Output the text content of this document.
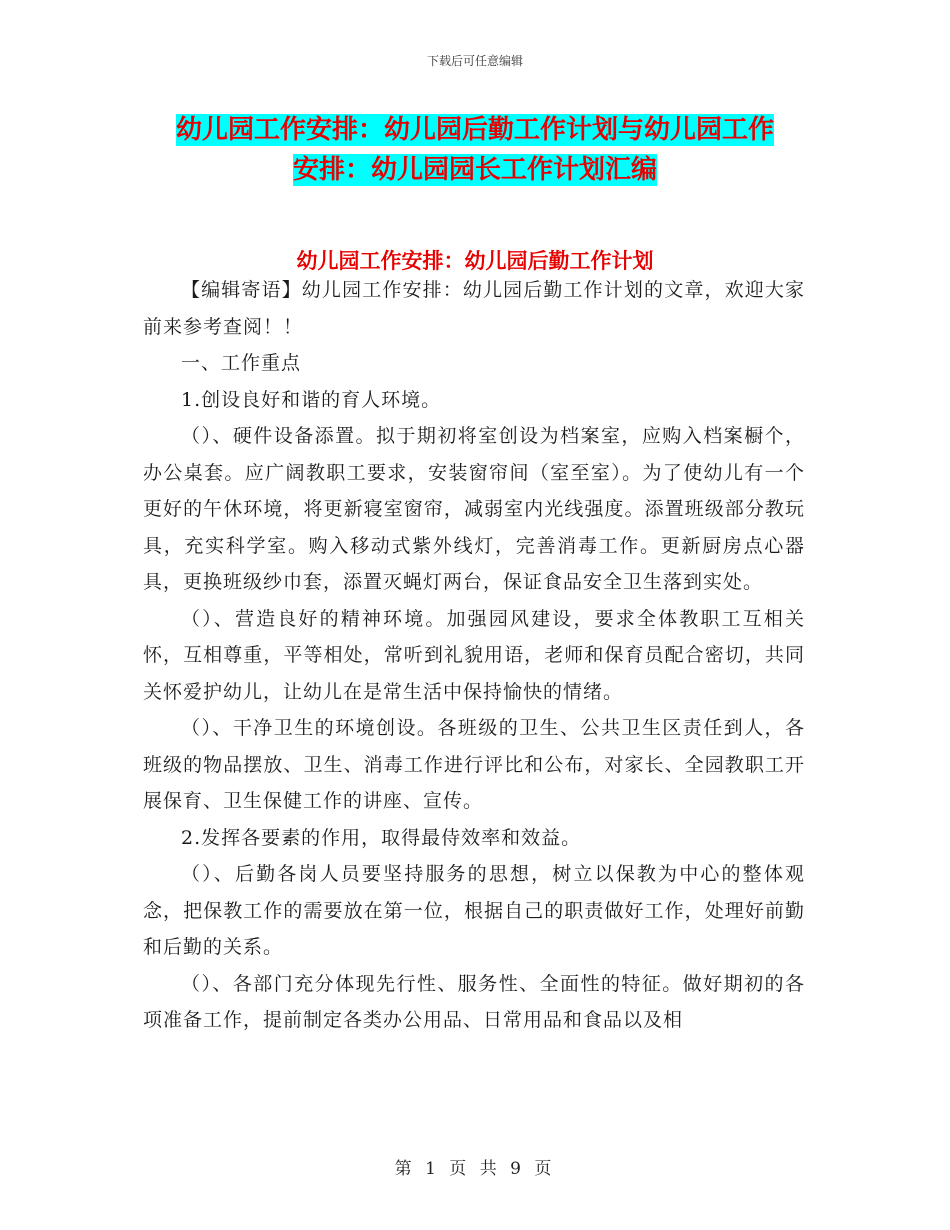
下载后可任意编辑
幼儿园工作安排：幼儿园后勤工作计划与幼儿园工作
安排：幼儿园园长工作计划汇编
幼儿园工作安排：幼儿园后勤工作计划

【编辑寄语】幼儿园工作安排：幼儿园后勤工作计划的文章，欢迎大家前来参考查阅！！

一、工作重点

1.创设良好和谐的育人环境。

（）、硬件设备添置。拟于期初将室创设为档案室，应购入档案橱个，办公桌套。应广阔教职工要求，安装窗帘间（室至室）。为了使幼儿有一个更好的午休环境，将更新寝室窗帘，减弱室内光线强度。添置班级部分教玩具，充实科学室。购入移动式紫外线灯，完善消毒工作。更新厨房点心器具，更换班级纱巾套，添置灭蝇灯两台，保证食品安全卫生落到实处。

（）、营造良好的精神环境。加强园风建设，要求全体教职工互相关怀，互相尊重，平等相处，常听到礼貌用语，老师和保育员配合密切，共同关怀爱护幼儿，让幼儿在是常生活中保持愉快的情绪。

（）、干净卫生的环境创设。各班级的卫生、公共卫生区责任到人，各班级的物品摆放、卫生、消毒工作进行评比和公布，对家长、全园教职工开展保育、卫生保健工作的讲座、宣传。

2.发挥各要素的作用，取得最侍效率和效益。

（）、后勤各岗人员要坚持服务的思想，树立以保教为中心的整体观念，把保教工作的需要放在第一位，根据自己的职责做好工作，处理好前勤和后勤的关系。

（）、各部门充分体现先行性、服务性、全面性的特征。做好期初的各项准备工作，提前制定各类办公用品、日常用品和食品以及相

第 1 页 共 9 页
